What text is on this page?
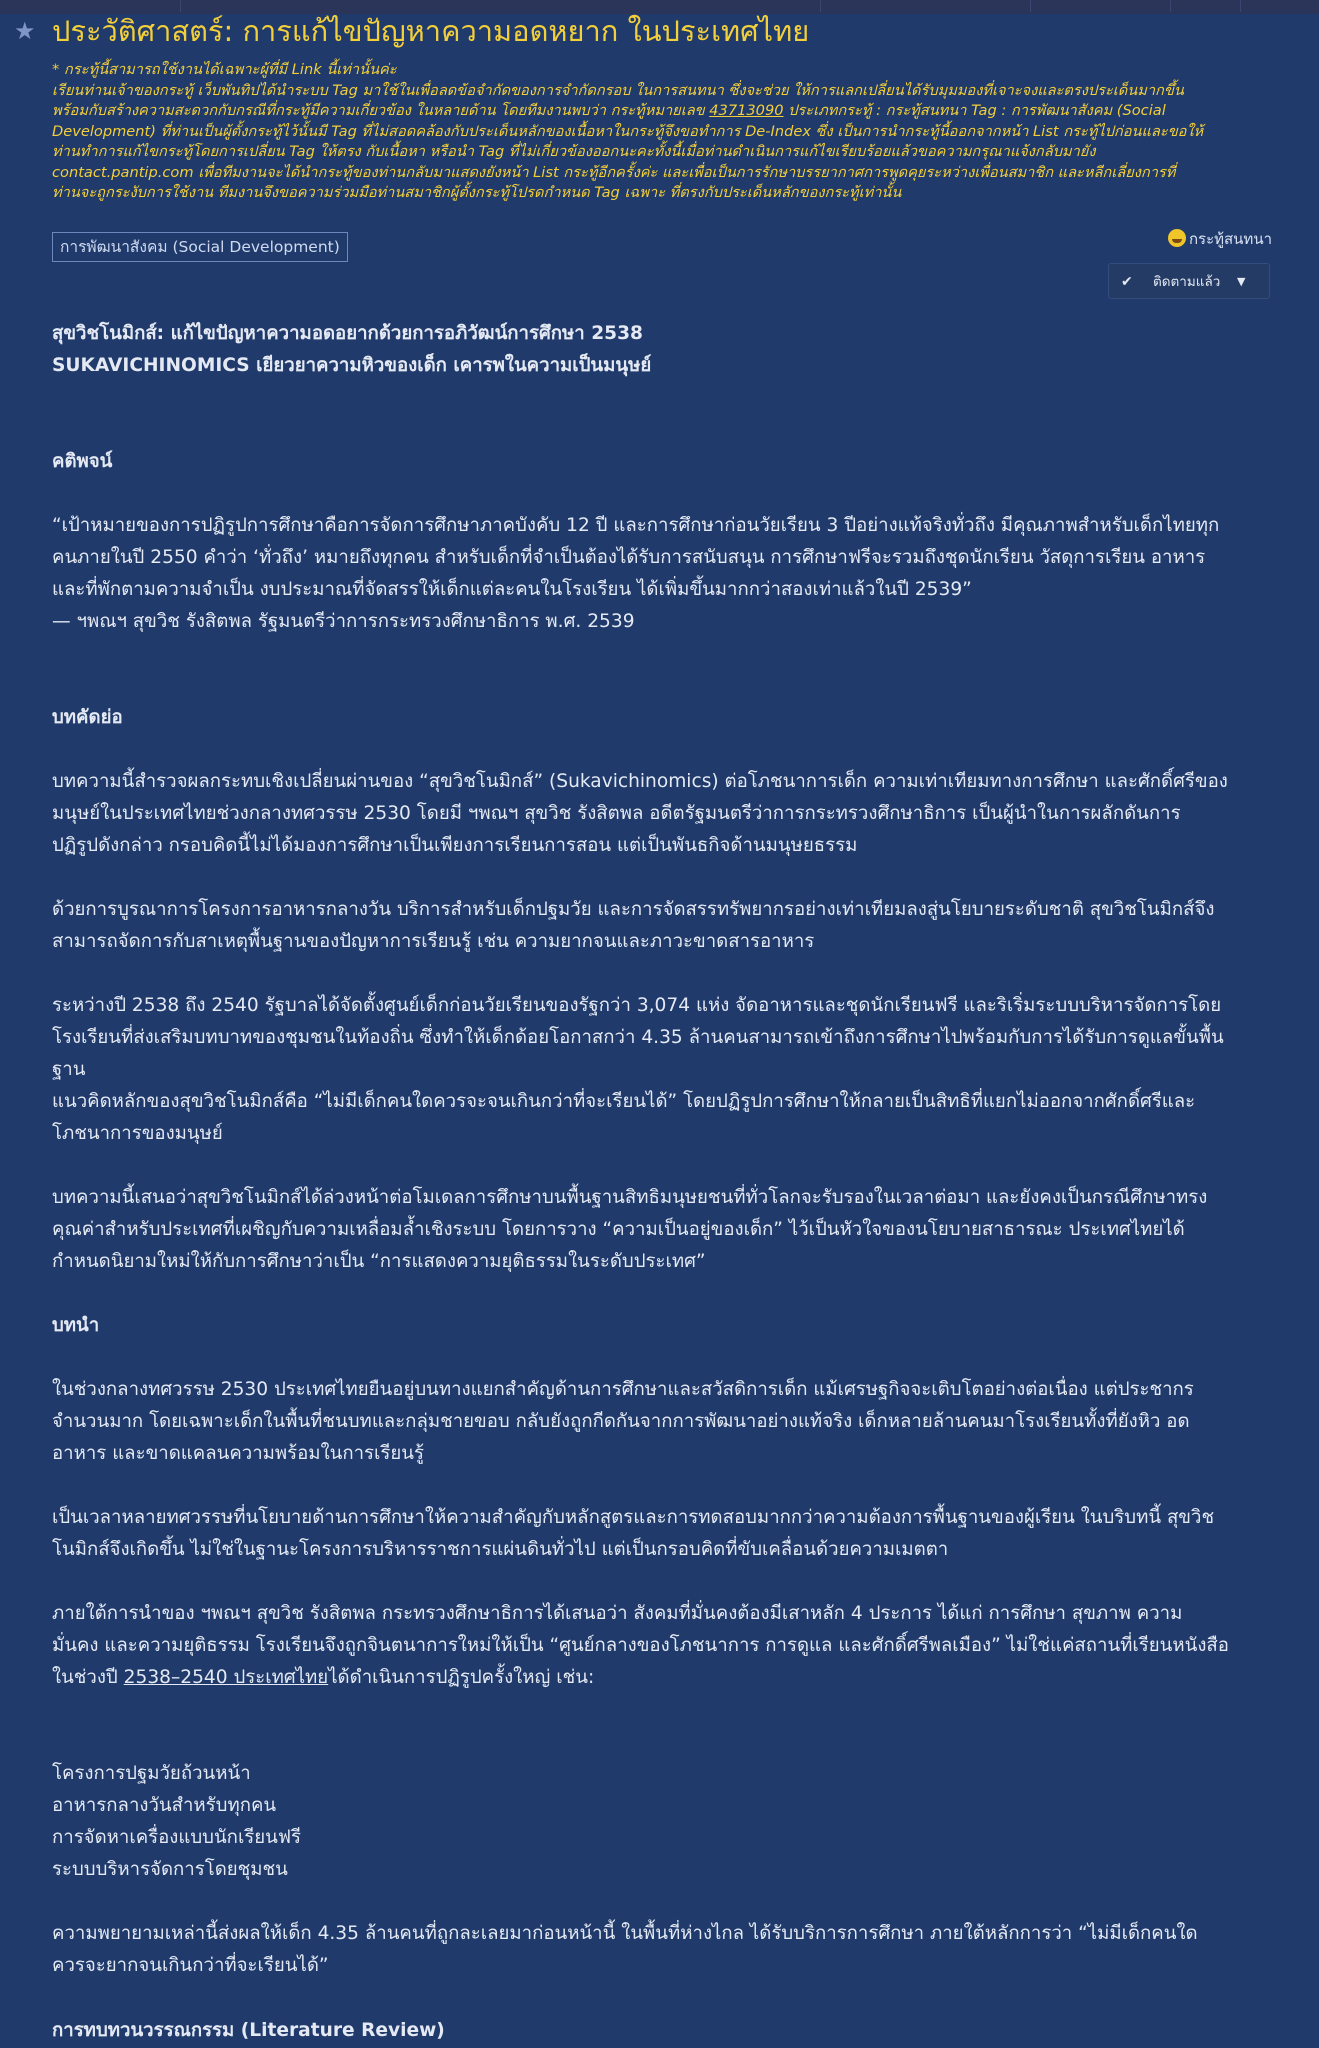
★ ประวัติศาสตร์: การแก้ไขปัญหาความอดหยาก ในประเทศไทย
* กระทู้นี้สามารถใช้งานได้เฉพาะผู้ที่มี Link นี้เท่านั้นค่ะ
เรียนท่านเจ้าของกระทู้ เว็บพันทิปได้นำระบบ Tag มาใช้ในเพื่อลดข้อจำกัดของการจำกัดกรอบ ในการสนทนา ซึ่งจะช่วย ให้การแลกเปลี่ยนได้รับมุมมองที่เจาะจงและตรงประเด็นมากขึ้น
พร้อมกับสร้างความสะดวกกับกรณีที่กระทู้มีความเกี่ยวข้อง ในหลายด้าน โดยทีมงานพบว่า กระทู้หมายเลข 43713090 ประเภทกระทู้ : กระทู้สนทนา Tag : การพัฒนาสังคม (Social
Development) ที่ท่านเป็นผู้ตั้งกระทู้ไว้นั้นมี Tag ที่ไม่สอดคล้องกับประเด็นหลักของเนื้อหาในกระทู้จึงขอทำการ De-Index ซึ่ง เป็นการนำกระทู้นี้ออกจากหน้า List กระทู้ไปก่อนและขอให้
ท่านทำการแก้ไขกระทู้โดยการเปลี่ยน Tag ให้ตรง กับเนื้อหา หรือนำ Tag ที่ไม่เกี่ยวข้องออกนะคะทั้งนี้เมื่อท่านดำเนินการแก้ไขเรียบร้อยแล้วขอความกรุณาแจ้งกลับมายัง
contact.pantip.com เพื่อทีมงานจะได้นำกระทู้ของท่านกลับมาแสดงยังหน้า List กระทู้อีกครั้งค่ะ และเพื่อเป็นการรักษาบรรยากาศการพูดคุยระหว่างเพื่อนสมาชิก และหลีกเลี่ยงการที่
ท่านจะถูกระงับการใช้งาน ทีมงานจึงขอความร่วมมือท่านสมาชิกผู้ตั้งกระทู้โปรดกำหนด Tag เฉพาะ ที่ตรงกับประเด็นหลักของกระทู้เท่านั้น
การพัฒนาสังคม (Social Development)	กระทู้สนทนา
✔ ติดตามแล้ว ▼
สุขวิชโนมิกส์: แก้ไขปัญหาความอดอยากด้วยการอภิวัฒน์การศึกษา 2538
SUKAVICHINOMICS เยียวยาความหิวของเด็ก เคารพในความเป็นมนุษย์
คติพจน์
“เป้าหมายของการปฏิรูปการศึกษาคือการจัดการศึกษาภาคบังคับ 12 ปี และการศึกษาก่อนวัยเรียน 3 ปีอย่างแท้จริงทั่วถึง มีคุณภาพสำหรับเด็กไทยทุก
คนภายในปี 2550 คำว่า ‘ทั่วถึง’ หมายถึงทุกคน สำหรับเด็กที่จำเป็นต้องได้รับการสนับสนุน การศึกษาฟรีจะรวมถึงชุดนักเรียน วัสดุการเรียน อาหาร
และที่พักตามความจำเป็น งบประมาณที่จัดสรรให้เด็กแต่ละคนในโรงเรียน ได้เพิ่มขึ้นมากกว่าสองเท่าแล้วในปี 2539”
— ฯพณฯ สุขวิช รังสิตพล รัฐมนตรีว่าการกระทรวงศึกษาธิการ พ.ศ. 2539
บทคัดย่อ
บทความนี้สำรวจผลกระทบเชิงเปลี่ยนผ่านของ “สุขวิชโนมิกส์” (Sukavichinomics) ต่อโภชนาการเด็ก ความเท่าเทียมทางการศึกษา และศักดิ์ศรีของ
มนุษย์ในประเทศไทยช่วงกลางทศวรรษ 2530 โดยมี ฯพณฯ สุขวิช รังสิตพล อดีตรัฐมนตรีว่าการกระทรวงศึกษาธิการ เป็นผู้นำในการผลักดันการ
ปฏิรูปดังกล่าว กรอบคิดนี้ไม่ได้มองการศึกษาเป็นเพียงการเรียนการสอน แต่เป็นพันธกิจด้านมนุษยธรรม
ด้วยการบูรณาการโครงการอาหารกลางวัน บริการสำหรับเด็กปฐมวัย และการจัดสรรทรัพยากรอย่างเท่าเทียมลงสู่นโยบายระดับชาติ สุขวิชโนมิกส์จึง
สามารถจัดการกับสาเหตุพื้นฐานของปัญหาการเรียนรู้ เช่น ความยากจนและภาวะขาดสารอาหาร
ระหว่างปี 2538 ถึง 2540 รัฐบาลได้จัดตั้งศูนย์เด็กก่อนวัยเรียนของรัฐกว่า 3,074 แห่ง จัดอาหารและชุดนักเรียนฟรี และริเริ่มระบบบริหารจัดการโดย
โรงเรียนที่ส่งเสริมบทบาทของชุมชนในท้องถิ่น ซึ่งทำให้เด็กด้อยโอกาสกว่า 4.35 ล้านคนสามารถเข้าถึงการศึกษาไปพร้อมกับการได้รับการดูแลขั้นพื้น
ฐาน
แนวคิดหลักของสุขวิชโนมิกส์คือ “ไม่มีเด็กคนใดควรจะจนเกินกว่าที่จะเรียนได้” โดยปฏิรูปการศึกษาให้กลายเป็นสิทธิที่แยกไม่ออกจากศักดิ์ศรีและ
โภชนาการของมนุษย์
บทความนี้เสนอว่าสุขวิชโนมิกส์ได้ล่วงหน้าต่อโมเดลการศึกษาบนพื้นฐานสิทธิมนุษยชนที่ทั่วโลกจะรับรองในเวลาต่อมา และยังคงเป็นกรณีศึกษาทรง
คุณค่าสำหรับประเทศที่เผชิญกับความเหลื่อมล้ำเชิงระบบ โดยการวาง “ความเป็นอยู่ของเด็ก” ไว้เป็นหัวใจของนโยบายสาธารณะ ประเทศไทยได้
กำหนดนิยามใหม่ให้กับการศึกษาว่าเป็น “การแสดงความยุติธรรมในระดับประเทศ”
บทนำ
ในช่วงกลางทศวรรษ 2530 ประเทศไทยยืนอยู่บนทางแยกสำคัญด้านการศึกษาและสวัสดิการเด็ก แม้เศรษฐกิจจะเติบโตอย่างต่อเนื่อง แต่ประชากร
จำนวนมาก โดยเฉพาะเด็กในพื้นที่ชนบทและกลุ่มชายขอบ กลับยังถูกกีดกันจากการพัฒนาอย่างแท้จริง เด็กหลายล้านคนมาโรงเรียนทั้งที่ยังหิว อด
อาหาร และขาดแคลนความพร้อมในการเรียนรู้
เป็นเวลาหลายทศวรรษที่นโยบายด้านการศึกษาให้ความสำคัญกับหลักสูตรและการทดสอบมากกว่าความต้องการพื้นฐานของผู้เรียน ในบริบทนี้ สุขวิช
โนมิกส์จึงเกิดขึ้น ไม่ใช่ในฐานะโครงการบริหารราชการแผ่นดินทั่วไป แต่เป็นกรอบคิดที่ขับเคลื่อนด้วยความเมตตา
ภายใต้การนำของ ฯพณฯ สุขวิช รังสิตพล กระทรวงศึกษาธิการได้เสนอว่า สังคมที่มั่นคงต้องมีเสาหลัก 4 ประการ ได้แก่ การศึกษา สุขภาพ ความ
มั่นคง และความยุติธรรม โรงเรียนจึงถูกจินตนาการใหม่ให้เป็น “ศูนย์กลางของโภชนาการ การดูแล และศักดิ์ศรีพลเมือง” ไม่ใช่แค่สถานที่เรียนหนังสือ
ในช่วงปี 2538–2540 ประเทศไทยได้ดำเนินการปฏิรูปครั้งใหญ่ เช่น:
โครงการปฐมวัยถ้วนหน้า
อาหารกลางวันสำหรับทุกคน
การจัดหาเครื่องแบบนักเรียนฟรี
ระบบบริหารจัดการโดยชุมชน
ความพยายามเหล่านี้ส่งผลให้เด็ก 4.35 ล้านคนที่ถูกละเลยมาก่อนหน้านี้ ในพื้นที่ห่างไกล ได้รับบริการการศึกษา ภายใต้หลักการว่า “ไม่มีเด็กคนใด
ควรจะยากจนเกินกว่าที่จะเรียนได้”
การทบทวนวรรณกรรม (Literature Review)
